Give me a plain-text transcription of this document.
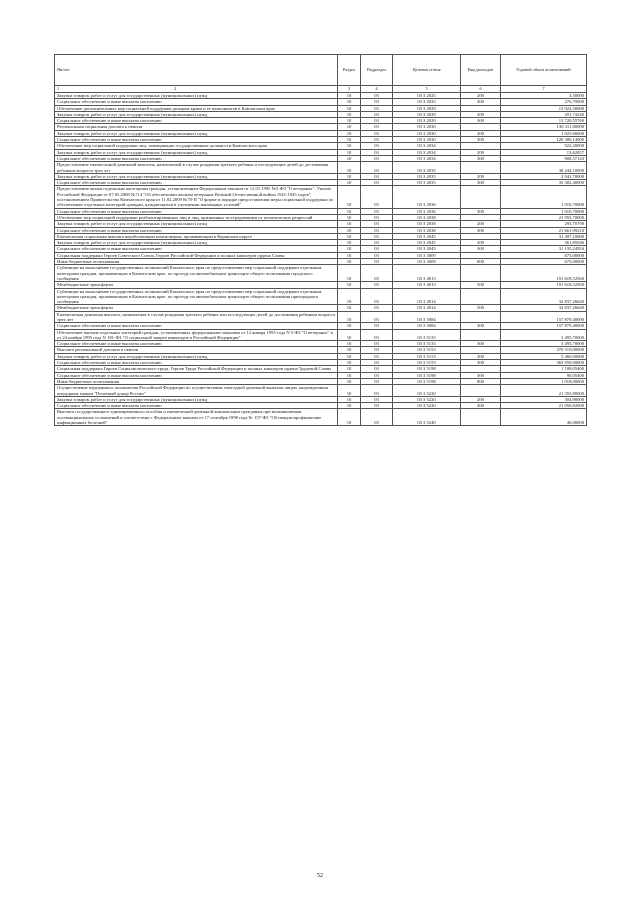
Ян/п/п	Раздел	Подраздел	Целевая статья	Вид расходов	Годовой объем ассигнований
1 2	3	4	5	6	7
Закупка товаров, работ и услуг для государственных (муниципальных) нужд	10	03	03 3 2025	200	3,50000
Социальное обеспечение и иные выплаты населению	10	03	03 3 2025	300	276,70000
Обеспечение дополнительных мер социальной поддержки донорам крови и ее компонентов в Камчатском крае	10	03	03 3 2029		13 922,30000
Закупка товаров, работ и услуг для государственных (муниципальных) нужд	10	03	03 3 2029	200	201,74240
Социальное обеспечение и иные выплаты населению	10	03	03 3 2029	300	13 720,55760
Региональная социальная доплата к пенсии	10	03	03 3 2030		130 311,80000
Закупка товаров, работ и услуг для государственных (муниципальных) нужд	10	03	03 3 2030	200	1 925,66000
Социальное обеспечение и иные выплаты населению	10	03	03 3 2030	300	128 386,14000
Обеспечение мер социальной поддержки лиц, замещающих государственные должности Камчатского края	10	03	03 3 2034		922,20000
Закупка товаров, работ и услуг для государственных (муниципальных) нужд	10	03	03 3 2034	200	13,62857
Социальное обеспечение и иные выплаты населению	10	03	03 3 2034	300	908,57143
Предоставление ежемесячной денежной выплаты, назначаемой в случае рождения третьего ребенка и последующих детей до достижения ребенком возраста трех лет	10	03	03 3 2035		38 244,10000
Закупка товаров, работ и услуг для государственных (муниципальных) нужд	10	03	03 3 2035	200	2 941,70000
Социальное обеспечение и иные выплаты населению	10	03	03 3 2035	300	35 302,40000
Предоставление жилья отдельным категориям граждан, установленным Федеральным законом от 12.01.1995 №5-ФЗ "О ветеранах", Указом Российской Федерации от 07.05.2008 №714 "Об обеспечении жильем ветеранов Великой Отечественной войны 1941-1945 годов", постановлением Правительства Камчатского края от 11.02.2009 №70-П "О форме и порядке предоставления меры социальной поддержки по обеспечению отдельных категорий граждан, нуждающихся в улучшении жилищных условий"	10	03	03 3 2036		1 010,70000
Социальное обеспечение и иные выплаты населению	10	03	03 3 2036	300	1 010,70000
Обеспечение мер социальной поддержки реабилитированных лиц и лиц, признанных пострадавшими от политических репрессий	10	03	03 3 2038		21 955,70000
Закупка товаров, работ и услуг для государственных (муниципальных) нужд	10	03	03 3 2038	200	293,70790
Социальное обеспечение и иные выплаты населению	10	03	03 3 2038	300	21 661,99210
Ежемесячная социальная выплата неработающим пенсионерам, проживающим в Корякском округе	10	03	03 3 2045		31 497,10000
Закупка товаров, работ и услуг для государственных (муниципальных) нужд	10	03	03 3 2045	200	361,85046
Социальное обеспечение и иные выплаты населению	10	03	03 3 2045	300	31 135,24954
Социальная поддержка Героев Советского Союза, Героев Российской Федерации и полных кавалеров ордена Славы	10	03	03 3 3009		675,00000
Иные бюджетные ассигнования	10	03	03 3 3009	800	675,00000
Субвенции на выполнение государственных полномочий Камчатского края по предоставлению мер социальной поддержки отдельным категориям граждан, проживающим в Камчатском крае, по проезду на автомобильном транспорте общего пользования городского сообщения	10	03	03 3 4013		191 618,52560
Межбюджетные трансферты	10	03	03 3 4013	500	191 618,52560
Субвенции на выполнение государственных полномочий Камчатского края по предоставлению мер социальной поддержки отдельным категориям граждан, проживающим в Камчатском крае, по проезду на автомобильном транспорте общего пользования пригородного сообщения	10	03	03 3 4014		32 837,26640
Межбюджетные трансферты	10	03	03 3 4014	500	32 837,26640
Ежемесячная денежная выплата, назначаемая в случае рождения третьего ребенка или последующих детей до достижения ребенком возраста трех лет	10	03	03 3 5084		157 879,40000
Социальное обеспечение и иные выплаты населению	10	03	03 3 5084	300	157 879,40000
Обеспечение жильем отдельных категорий граждан, установленных федеральными законами от 12 января 1995 года N 5-ФЗ "О ветеранах" и от 24 ноября 1995 года N 181-ФЗ "О социальной защите инвалидов в Российской Федерации"	10	03	03 3 5135		3 495,70000
Социальное обеспечение и иные выплаты населению	10	03	03 3 5135	300	3 495,70000
Выплата региональной доплаты к пенсии	10	03	03 3 5153		370 510,00000
Закупка товаров, работ и услуг для государственных (муниципальных) нужд	10	03	03 3 5153	200	5 460,00000
Социальное обеспечение и иные выплаты населению	10	03	03 3 5153	300	365 050,00000
Социальная поддержка Героев Социалистического труда, Героев Труда Российской Федерации и полных кавалеров ордена Трудовой Славы	10	03	03 3 5198		1 108,05400
Социальное обеспечение и иные выплаты населению	10	03	03 3 5198	300	90,05400
Иные бюджетные ассигнования	10	03	03 3 5198	800	1 018,00000
Осуществление переданного полномочия Российской Федерации по осуществлению ежегодной денежной выплаты лицам, награжденным нагрудным знаком "Почетный донор России"	10	03	03 3 5220		21 355,80000
Закупка товаров, работ и услуг для государственных (муниципальных) нужд	10	03	03 3 5220	200	304,98000
Социальное обеспечение и иные выплаты населению	10	03	03 3 5220	300	21 050,82000
Выплата государственного единовременного пособия и ежемесячной денежной компенсации гражданам при возникновении поствакцинальных осложнений в соответствии с Федеральным законом от 17 сентября 1998 года № 157-ФЗ "Об иммунопрофилактике инфекционных болезней"	10	03	03 3 5240		46,00000
52
